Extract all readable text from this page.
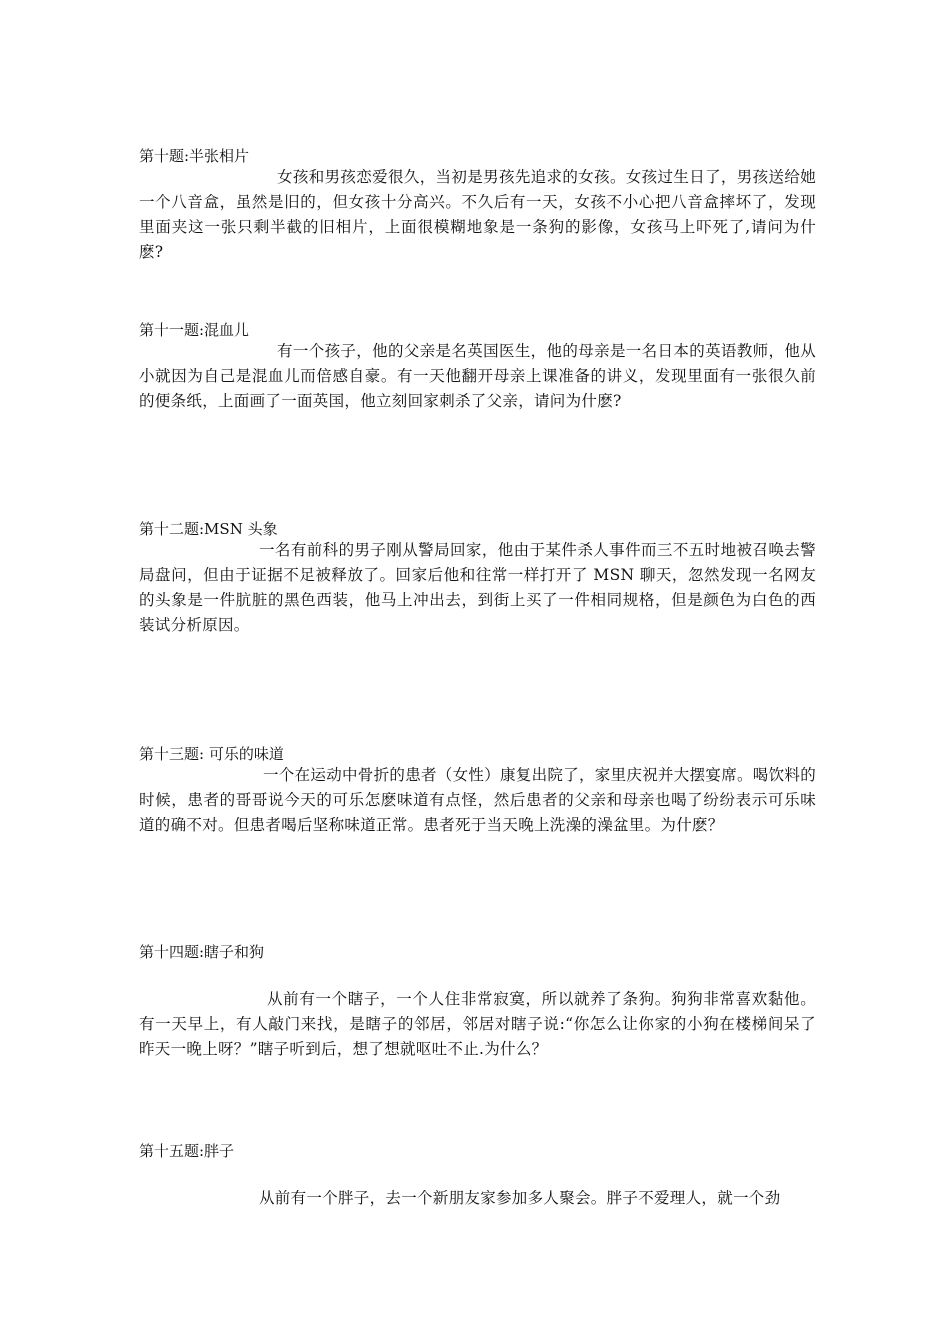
第十题:半张相片
女孩和男孩恋爱很久，当初是男孩先追求的女孩。女孩过生日了，男孩送给她一个八音盒，虽然是旧的，但女孩十分高兴。不久后有一天，女孩不小心把八音盒摔坏了，发现里面夹这一张只剩半截的旧相片，上面很模糊地象是一条狗的影像，女孩马上吓死了,请问为什麽?
第十一题:混血儿
有一个孩子，他的父亲是名英国医生，他的母亲是一名日本的英语教师，他从小就因为自己是混血儿而倍感自豪。有一天他翻开母亲上课准备的讲义，发现里面有一张很久前的便条纸，上面画了一面英国，他立刻回家刺杀了父亲，请问为什麽?
第十二题:MSN 头象
一名有前科的男子刚从警局回家，他由于某件杀人事件而三不五时地被召唤去警局盘问，但由于证据不足被释放了。回家后他和往常一样打开了 MSN 聊天，忽然发现一名网友的头象是一件肮脏的黑色西装，他马上冲出去，到街上买了一件相同规格，但是颜色为白色的西装试分析原因。
第十三题: 可乐的味道
一个在运动中骨折的患者（女性）康复出院了，家里庆祝并大摆宴席。喝饮料的时候，患者的哥哥说今天的可乐怎麽味道有点怪，然后患者的父亲和母亲也喝了纷纷表示可乐味道的确不对。但患者喝后坚称味道正常。患者死于当天晚上洗澡的澡盆里。为什麽？
第十四题:瞎子和狗
从前有一个瞎子，一个人住非常寂寞，所以就养了条狗。狗狗非常喜欢黏他。有一天早上，有人敲门来找，是瞎子的邻居，邻居对瞎子说:“你怎么让你家的小狗在楼梯间呆了昨天一晚上呀？”瞎子听到后，想了想就呕吐不止.为什么？
第十五题:胖子
从前有一个胖子，去一个新朋友家参加多人聚会。胖子不爱理人，就一个劲
